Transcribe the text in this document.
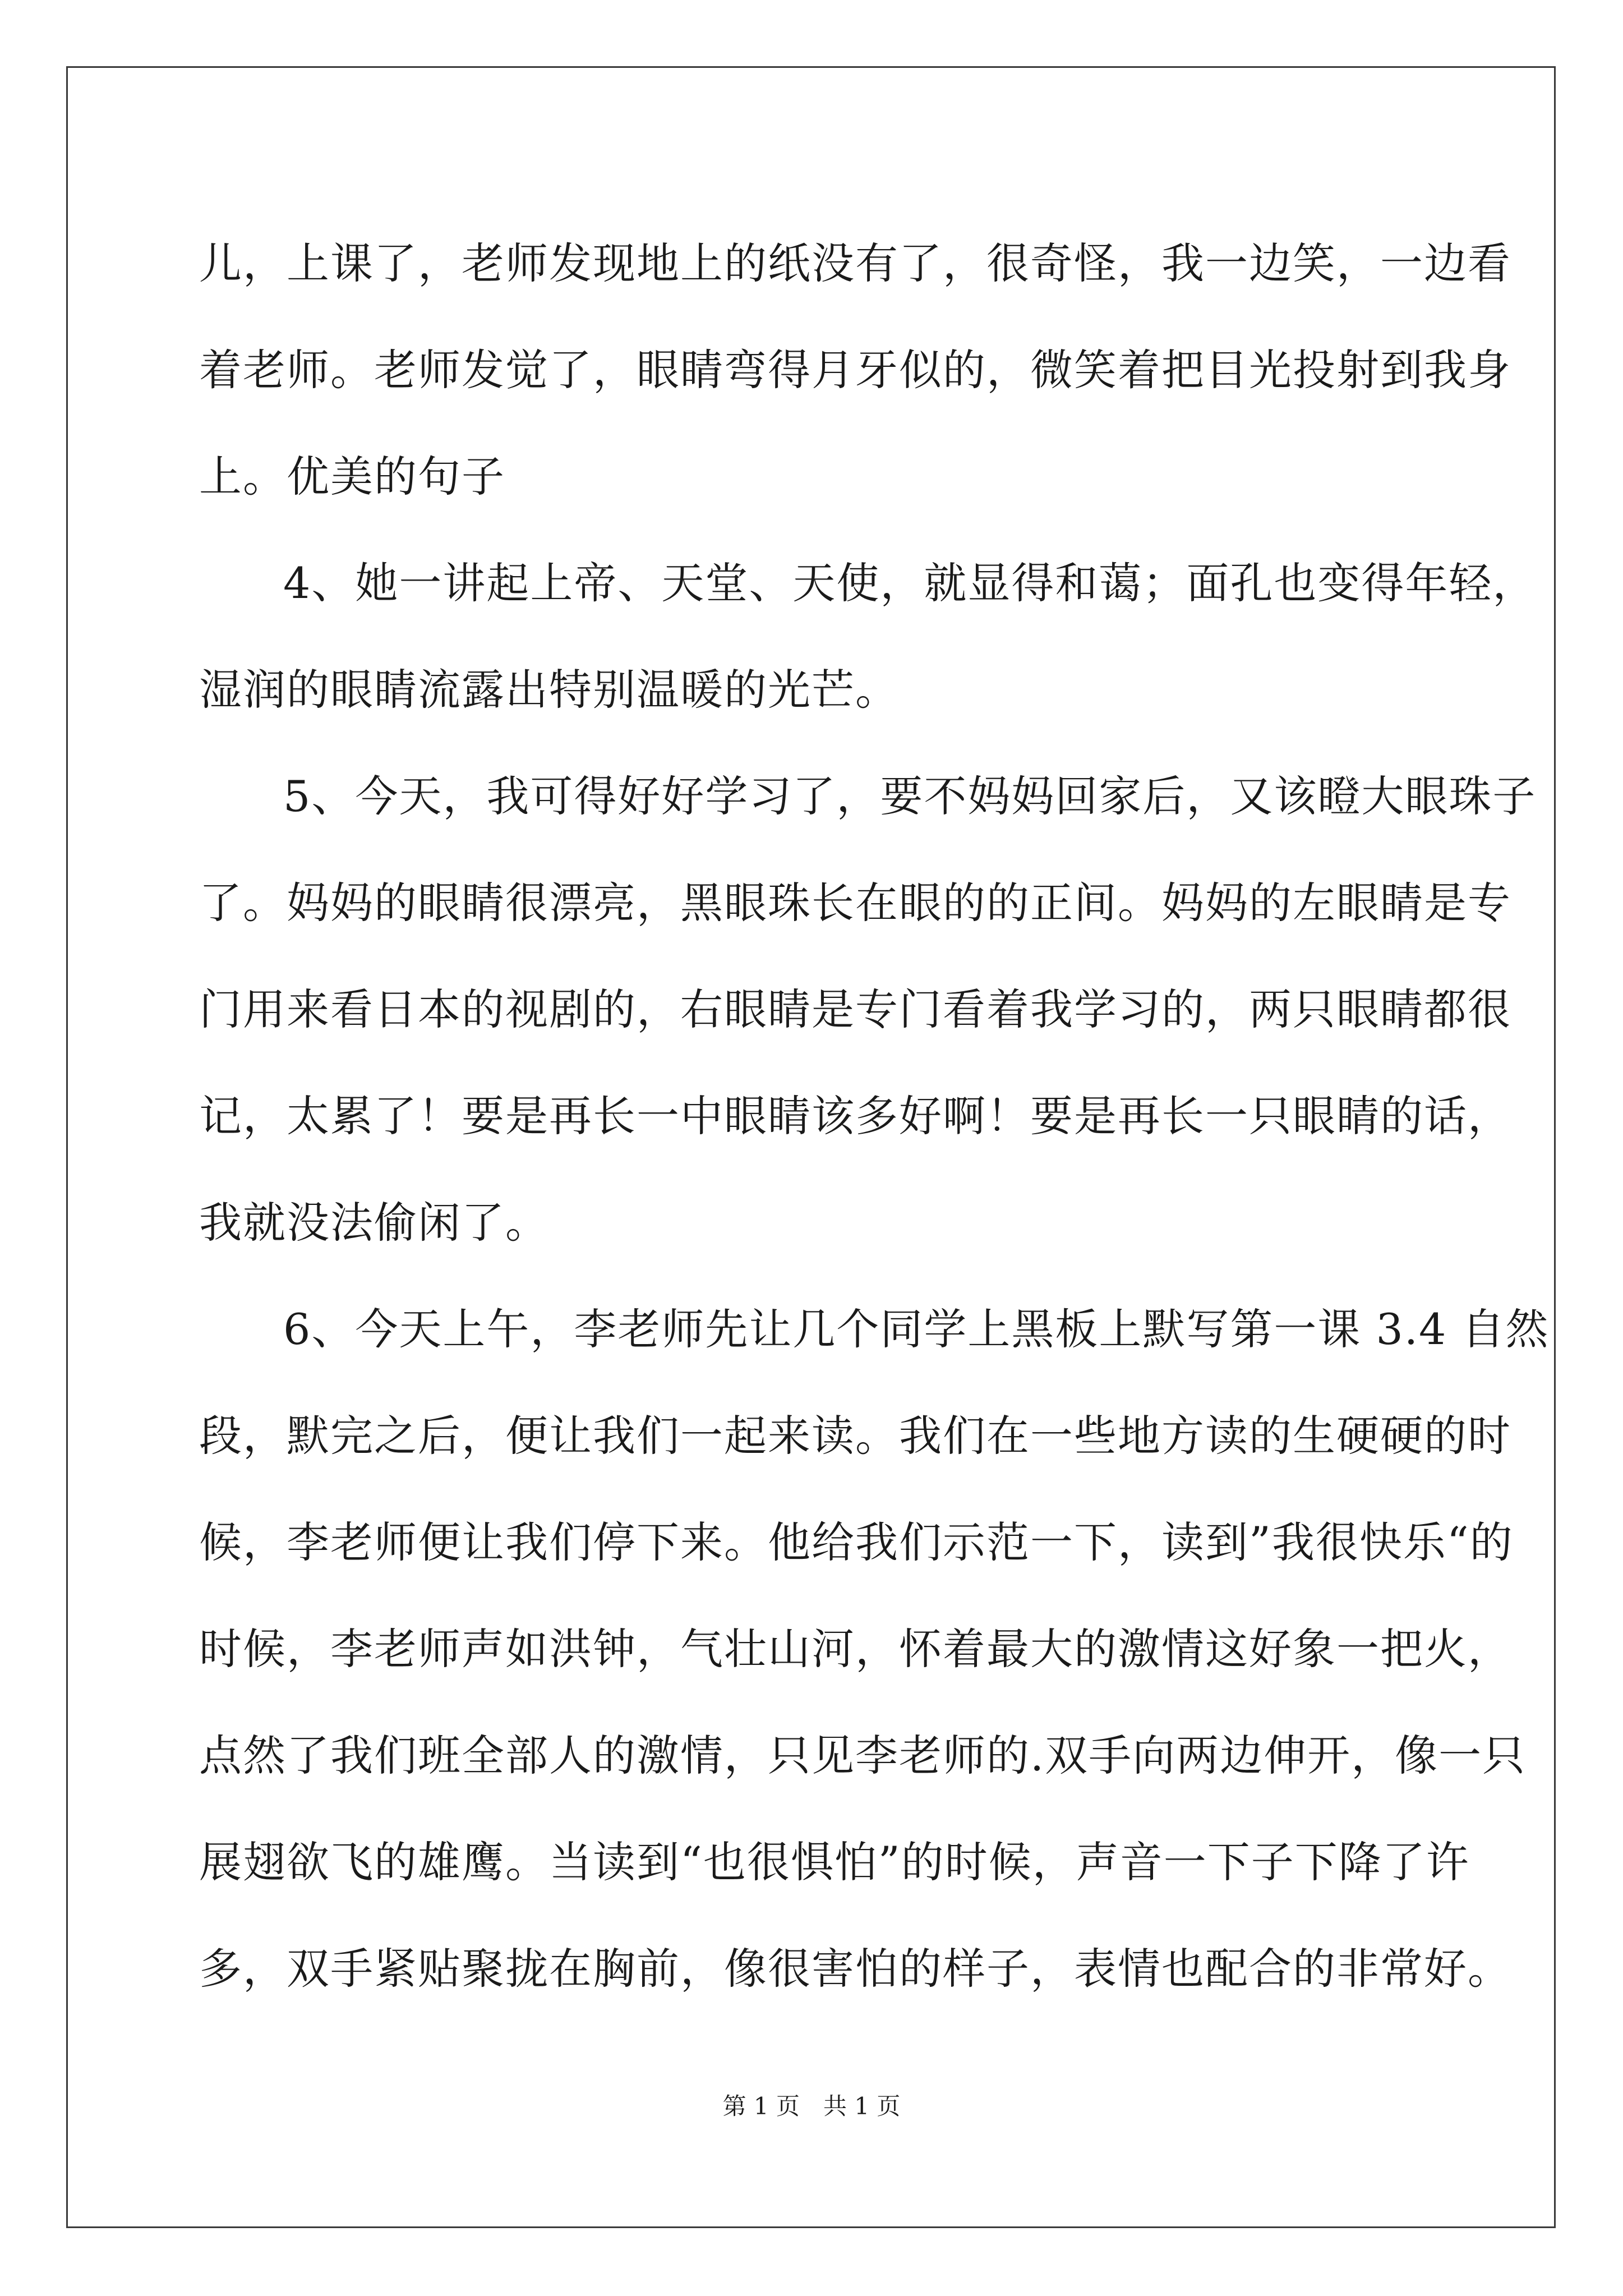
儿，上课了，老师发现地上的纸没有了，很奇怪，我一边笑，一边看
着老师。老师发觉了，眼睛弯得月牙似的，微笑着把目光投射到我身
上。优美的句子
4、她一讲起上帝、天堂、天使，就显得和蔼；面孔也变得年轻，
湿润的眼睛流露出特别温暖的光芒。
5、今天，我可得好好学习了，要不妈妈回家后，又该瞪大眼珠子
了。妈妈的眼睛很漂亮，黑眼珠长在眼的的正间。妈妈的左眼睛是专
门用来看日本的视剧的，右眼睛是专门看着我学习的，两只眼睛都很
记，太累了！要是再长一中眼睛该多好啊！要是再长一只眼睛的话，
我就没法偷闲了。
6、今天上午，李老师先让几个同学上黑板上默写第一课 3.4 自然
段，默完之后，便让我们一起来读。我们在一些地方读的生硬硬的时
候，李老师便让我们停下来。他给我们示范一下，读到”我很快乐“的
时候，李老师声如洪钟，气壮山河，怀着最大的激情这好象一把火，
点然了我们班全部人的激情，只见李老师的.双手向两边伸开，像一只
展翅欲飞的雄鹰。当读到“也很惧怕”的时候，声音一下子下降了许
多，双手紧贴聚拢在胸前，像很害怕的样子，表情也配合的非常好。
第 1 页　共 1 页
